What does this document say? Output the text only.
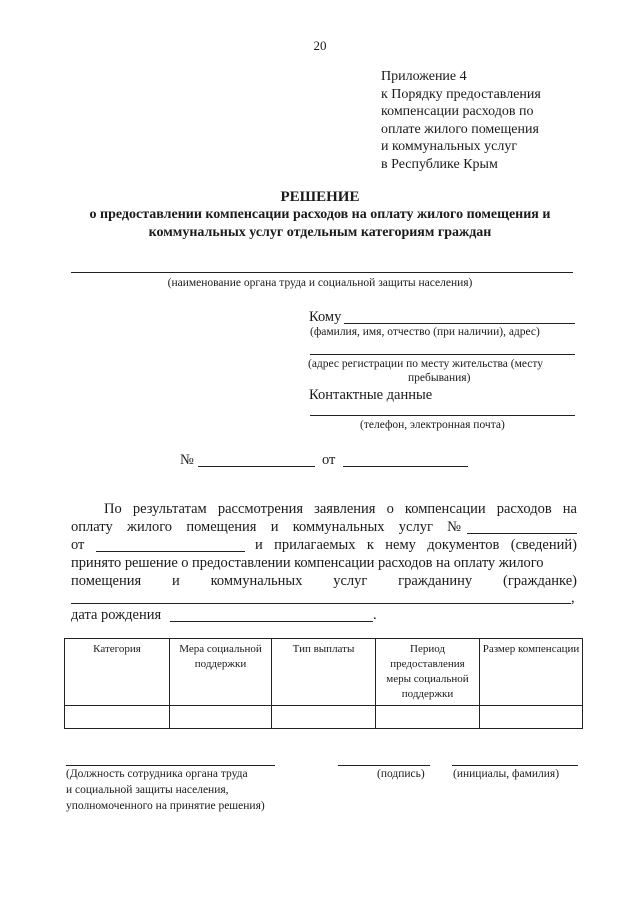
20
Приложение 4
к Порядку предоставления
компенсации расходов по
оплате жилого помещения
и коммунальных услуг
в Республике Крым
РЕШЕНИЕ
о предоставлении компенсации расходов на оплату жилого помещения и
коммунальных услуг отдельным категориям граждан
(наименование органа труда и социальной защиты населения)
Кому
(фамилия, имя, отчество (при наличии), адрес)
(адрес регистрации по месту жительства (месту
пребывания)
Контактные данные
(телефон, электронная почта)
№	от
По результатам рассмотрения заявления о компенсации расходов на
оплату жилого помещения и коммунальных услуг №
от	и прилагаемых к нему документов (сведений)
принято решение о предоставлении компенсации расходов на оплату жилого
помещения и коммунальных услуг гражданину (гражданке)
,
дата рождения	.
Категория	Мера социальной поддержки	Тип выплаты	Период предоставления меры социальной поддержки	Размер компенсации

(Должность сотрудника органа труда
и социальной защиты населения,
уполномоченного на принятие решения)
(подпись) (инициалы, фамилия)
